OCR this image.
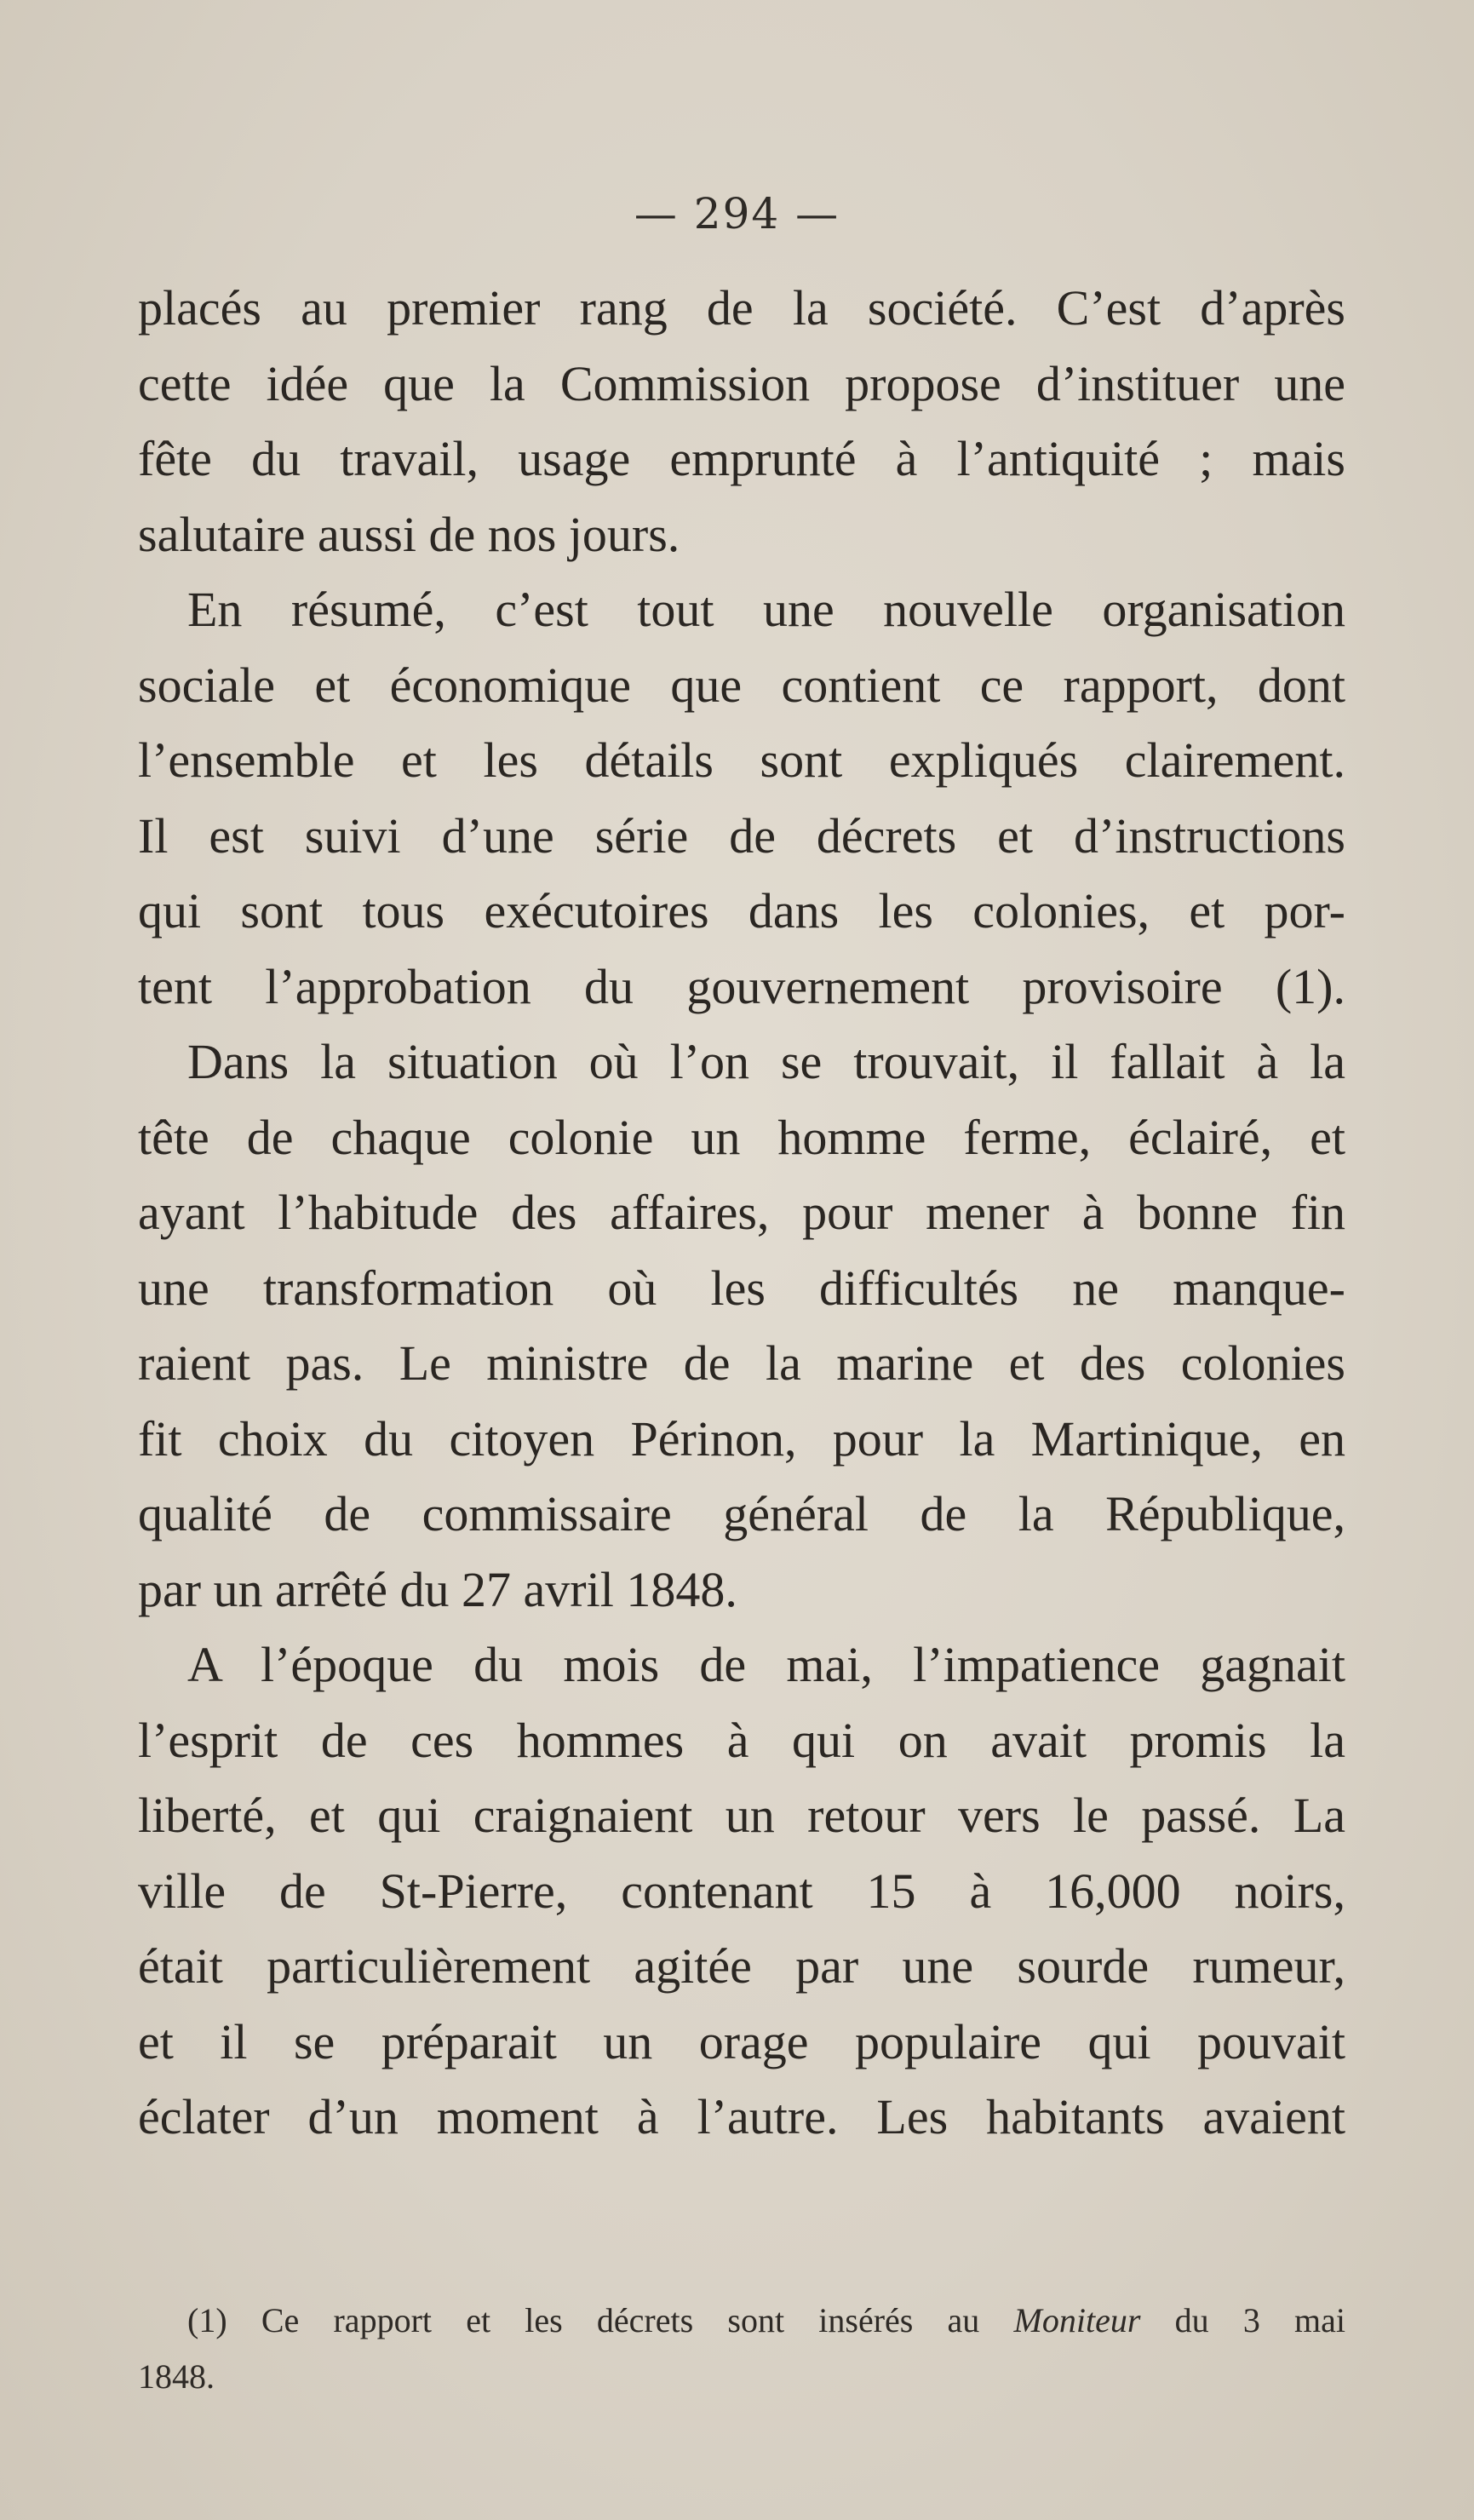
— 294 —
placés au premier rang de la société. C’est d’après
cette idée que la Commission propose d’instituer une
fête du travail, usage emprunté à l’antiquité ; mais
salutaire aussi de nos jours.
En résumé, c’est tout une nouvelle organisation
sociale et économique que contient ce rapport, dont
l’ensemble et les détails sont expliqués clairement.
Il est suivi d’une série de décrets et d’instructions
qui sont tous exécutoires dans les colonies, et por-
tent l’approbation du gouvernement provisoire (1).
Dans la situation où l’on se trouvait, il fallait à la
tête de chaque colonie un homme ferme, éclairé, et
ayant l’habitude des affaires, pour mener à bonne fin
une transformation où les difficultés ne manque-
raient pas. Le ministre de la marine et des colonies
fit choix du citoyen Périnon, pour la Martinique, en
qualité de commissaire général de la République,
par un arrêté du 27 avril 1848.
A l’époque du mois de mai, l’impatience gagnait
l’esprit de ces hommes à qui on avait promis la
liberté, et qui craignaient un retour vers le passé. La
ville de St-Pierre, contenant 15 à 16,000 noirs,
était particulièrement agitée par une sourde rumeur,
et il se préparait un orage populaire qui pouvait
éclater d’un moment à l’autre. Les habitants avaient
(1) Ce rapport et les décrets sont insérés au Moniteur du 3 mai
1848.
